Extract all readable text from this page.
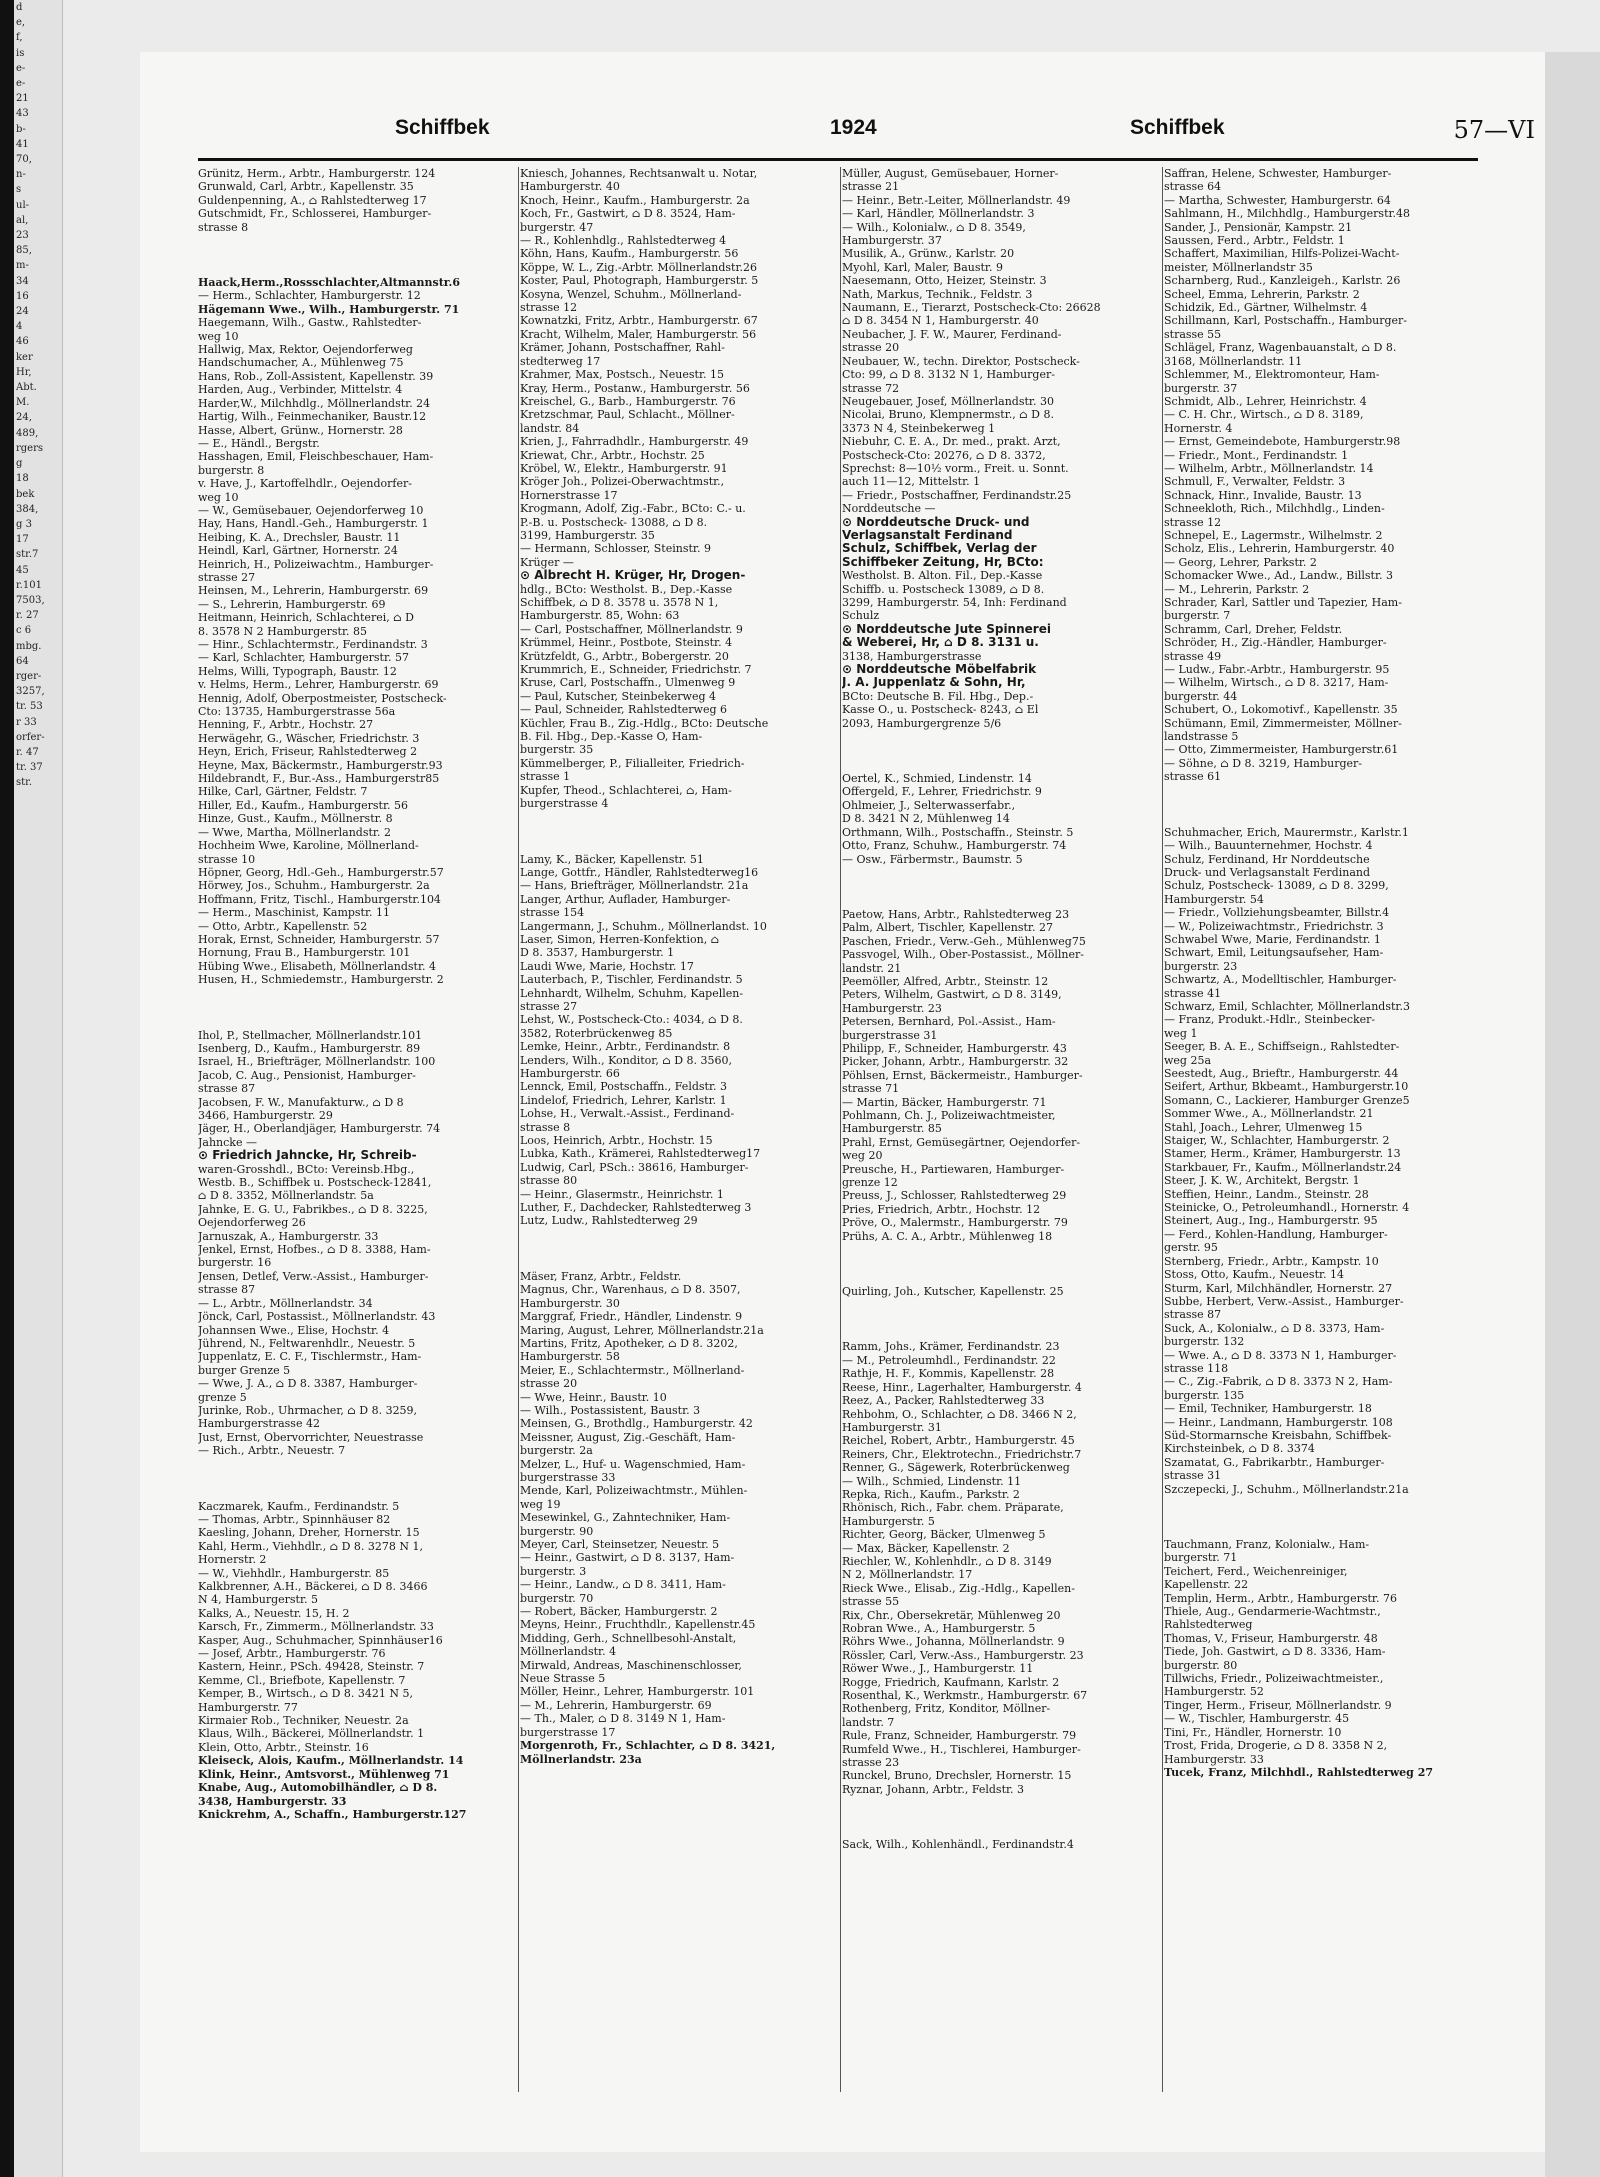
d
e,
f,
is
e-
e-
21
43
b-
41
70,
n-
s
ul-
al,
23
85,
m-
34
16
24
4
46
ker
Hr,
Abt.
M.
24,
489,
rgers
g
18
bek
384,
g 3
17
str.7
45
r.101
7503,
r. 27
c 6
mbg.
64
rger-
3257,
tr. 53
r 33
orfer-
r. 47
tr. 37
str.
Schiffbek	1924	Schiffbek	57—VI

Grünitz, Herm., Arbtr., Hamburgerstr. 124

Grunwald, Carl, Arbtr., Kapellenstr. 35

Guldenpenning, A., ⌂ Rahlstedterweg 17

Gutschmidt, Fr., Schlosserei, Hamburger-

strasse 8

Haack,Herm.,Rossschlachter,Altmannstr.6

— Herm., Schlachter, Hamburgerstr. 12

Hägemann Wwe., Wilh., Hamburgerstr. 71

Haegemann, Wilh., Gastw., Rahlstedter-

weg 10

Hallwig, Max, Rektor, Oejendorferweg

Handschumacher, A., Mühlenweg 75

Hans, Rob., Zoll-Assistent, Kapellenstr. 39

Harden, Aug., Verbinder, Mittelstr. 4

Harder,W., Milchhdlg., Möllnerlandstr. 24

Hartig, Wilh., Feinmechaniker, Baustr.12

Hasse, Albert, Grünw., Hornerstr. 28

— E., Händl., Bergstr.

Hasshagen, Emil, Fleischbeschauer, Ham-

burgerstr. 8

v. Have, J., Kartoffelhdlr., Oejendorfer-

weg 10

— W., Gemüsebauer, Oejendorferweg 10

Hay, Hans, Handl.-Geh., Hamburgerstr. 1

Heibing, K. A., Drechsler, Baustr. 11

Heindl, Karl, Gärtner, Hornerstr. 24

Heinrich, H., Polizeiwachtm., Hamburger-

strasse 27

Heinsen, M., Lehrerin, Hamburgerstr. 69

— S., Lehrerin, Hamburgerstr. 69

Heitmann, Heinrich, Schlachterei, ⌂ D

8. 3578 N 2 Hamburgerstr. 85

— Hinr., Schlachtermstr., Ferdinandstr. 3

— Karl, Schlachter, Hamburgerstr. 57

Helms, Willi, Typograph, Baustr. 12

v. Helms, Herm., Lehrer, Hamburgerstr. 69

Hennig, Adolf, Oberpostmeister, Postscheck-

Cto: 13735, Hamburgerstrasse 56a

Henning, F., Arbtr., Hochstr. 27

Herwägehr, G., Wäscher, Friedrichstr. 3

Heyn, Erich, Friseur, Rahlstedterweg 2

Heyne, Max, Bäckermstr., Hamburgerstr.93

Hildebrandt, F., Bur.-Ass., Hamburgerstr85

Hilke, Carl, Gärtner, Feldstr. 7

Hiller, Ed., Kaufm., Hamburgerstr. 56

Hinze, Gust., Kaufm., Möllnerstr. 8

— Wwe, Martha, Möllnerlandstr. 2

Hochheim Wwe, Karoline, Möllnerland-

strasse 10

Höpner, Georg, Hdl.-Geh., Hamburgerstr.57

Hörwey, Jos., Schuhm., Hamburgerstr. 2a

Hoffmann, Fritz, Tischl., Hamburgerstr.104

— Herm., Maschinist, Kampstr. 11

— Otto, Arbtr., Kapellenstr. 52

Horak, Ernst, Schneider, Hamburgerstr. 57

Hornung, Frau B., Hamburgerstr. 101

Hübing Wwe., Elisabeth, Möllnerlandstr. 4

Husen, H., Schmiedemstr., Hamburgerstr. 2

Ihol, P., Stellmacher, Möllnerlandstr.101

Isenberg, D., Kaufm., Hamburgerstr. 89

Israel, H., Briefträger, Möllnerlandstr. 100

Jacob, C. Aug., Pensionist, Hamburger-

strasse 87

Jacobsen, F. W., Manufakturw., ⌂ D 8

3466, Hamburgerstr. 29

Jäger, H., Oberlandjäger, Hamburgerstr. 74

Jahncke —

⊙ Friedrich Jahncke, Hr, Schreib-

waren-Grosshdl., BCto: Vereinsb.Hbg.,

Westb. B., Schiffbek u. Postscheck-12841,

⌂ D 8. 3352, Möllnerlandstr. 5a

Jahnke, E. G. U., Fabrikbes., ⌂ D 8. 3225,

Oejendorferweg 26

Jarnuszak, A., Hamburgerstr. 33

Jenkel, Ernst, Hofbes., ⌂ D 8. 3388, Ham-

burgerstr. 16

Jensen, Detlef, Verw.-Assist., Hamburger-

strasse 87

— L., Arbtr., Möllnerlandstr. 34

Jönck, Carl, Postassist., Möllnerlandstr. 43

Johannsen Wwe., Elise, Hochstr. 4

Jührend, N., Feltwarenhdlr., Neuestr. 5

Juppenlatz, E. C. F., Tischlermstr., Ham-

burger Grenze 5

— Wwe, J. A., ⌂ D 8. 3387, Hamburger-

grenze 5

Jurinke, Rob., Uhrmacher, ⌂ D 8. 3259,

Hamburgerstrasse 42

Just, Ernst, Obervorrichter, Neuestrasse

— Rich., Arbtr., Neuestr. 7

Kaczmarek, Kaufm., Ferdinandstr. 5

— Thomas, Arbtr., Spinnhäuser 82

Kaesling, Johann, Dreher, Hornerstr. 15

Kahl, Herm., Viehhdlr., ⌂ D 8. 3278 N 1,

Hornerstr. 2

— W., Viehhdlr., Hamburgerstr. 85

Kalkbrenner, A.H., Bäckerei, ⌂ D 8. 3466

N 4, Hamburgerstr. 5

Kalks, A., Neuestr. 15, H. 2

Karsch, Fr., Zimmerm., Möllnerlandstr. 33

Kasper, Aug., Schuhmacher, Spinnhäuser16

— Josef, Arbtr., Hamburgerstr. 76

Kastern, Heinr., PSch. 49428, Steinstr. 7

Kemme, Cl., Briefbote, Kapellenstr. 7

Kemper, B., Wirtsch., ⌂ D 8. 3421 N 5,

Hamburgerstr. 77

Kirmaier Rob., Techniker, Neuestr. 2a

Klaus, Wilh., Bäckerei, Möllnerlandstr. 1

Klein, Otto, Arbtr., Steinstr. 16

Kleiseck, Alois, Kaufm., Möllnerlandstr. 14

Klink, Heinr., Amtsvorst., Mühlenweg 71

Knabe, Aug., Automobilhändler, ⌂ D 8.

3438, Hamburgerstr. 33

Knickrehm, A., Schaffn., Hamburgerstr.127

Kniesch, Johannes, Rechtsanwalt u. Notar,

Hamburgerstr. 40

Knoch, Heinr., Kaufm., Hamburgerstr. 2a

Koch, Fr., Gastwirt, ⌂ D 8. 3524, Ham-

burgerstr. 47

— R., Kohlenhdlg., Rahlstedterweg 4

Köhn, Hans, Kaufm., Hamburgerstr. 56

Köppe, W. L., Zig.-Arbtr. Möllnerlandstr.26

Koster, Paul, Photograph, Hamburgerstr. 5

Kosyna, Wenzel, Schuhm., Möllnerland-

strasse 12

Kownatzki, Fritz, Arbtr., Hamburgerstr. 67

Kracht, Wilhelm, Maler, Hamburgerstr. 56

Krämer, Johann, Postschaffner, Rahl-

stedterweg 17

Krahmer, Max, Postsch., Neuestr. 15

Kray, Herm., Postanw., Hamburgerstr. 56

Kreischel, G., Barb., Hamburgerstr. 76

Kretzschmar, Paul, Schlacht., Möllner-

landstr. 84

Krien, J., Fahrradhdlr., Hamburgerstr. 49

Kriewat, Chr., Arbtr., Hochstr. 25

Kröbel, W., Elektr., Hamburgerstr. 91

Kröger Joh., Polizei-Oberwachtmstr.,

Hornerstrasse 17

Krogmann, Adolf, Zig.-Fabr., BCto: C.- u.

P.-B. u. Postscheck- 13088, ⌂ D 8.

3199, Hamburgerstr. 35

— Hermann, Schlosser, Steinstr. 9

Krüger —

⊙ Albrecht H. Krüger, Hr, Drogen-

hdlg., BCto: Westholst. B., Dep.-Kasse

Schiffbek, ⌂ D 8. 3578 u. 3578 N 1,

Hamburgerstr. 85, Wohn: 63

— Carl, Postschaffner, Möllnerlandstr. 9

Krümmel, Heinr., Postbote, Steinstr. 4

Krützfeldt, G., Arbtr., Bobergerstr. 20

Krummrich, E., Schneider, Friedrichstr. 7

Kruse, Carl, Postschaffn., Ulmenweg 9

— Paul, Kutscher, Steinbekerweg 4

— Paul, Schneider, Rahlstedterweg 6

Küchler, Frau B., Zig.-Hdlg., BCto: Deutsche

B. Fil. Hbg., Dep.-Kasse O, Ham-

burgerstr. 35

Kümmelberger, P., Filialleiter, Friedrich-

strasse 1

Kupfer, Theod., Schlachterei, ⌂, Ham-

burgerstrasse 4

Lamy, K., Bäcker, Kapellenstr. 51

Lange, Gottfr., Händler, Rahlstedterweg16

— Hans, Briefträger, Möllnerlandstr. 21a

Langer, Arthur, Auflader, Hamburger-

strasse 154

Langermann, J., Schuhm., Möllnerlandst. 10

Laser, Simon, Herren-Konfektion, ⌂

D 8. 3537, Hamburgerstr. 1

Laudi Wwe, Marie, Hochstr. 17

Lauterbach, P., Tischler, Ferdinandstr. 5

Lehnhardt, Wilhelm, Schuhm, Kapellen-

strasse 27

Lehst, W., Postscheck-Cto.: 4034, ⌂ D 8.

3582, Roterbrückenweg 85

Lemke, Heinr., Arbtr., Ferdinandstr. 8

Lenders, Wilh., Konditor, ⌂ D 8. 3560,

Hamburgerstr. 66

Lennck, Emil, Postschaffn., Feldstr. 3

Lindelof, Friedrich, Lehrer, Karlstr. 1

Lohse, H., Verwalt.-Assist., Ferdinand-

strasse 8

Loos, Heinrich, Arbtr., Hochstr. 15

Lubka, Kath., Krämerei, Rahlstedterweg17

Ludwig, Carl, PSch.: 38616, Hamburger-

strasse 80

— Heinr., Glasermstr., Heinrichstr. 1

Luther, F., Dachdecker, Rahlstedterweg 3

Lutz, Ludw., Rahlstedterweg 29

Mäser, Franz, Arbtr., Feldstr.

Magnus, Chr., Warenhaus, ⌂ D 8. 3507,

Hamburgerstr. 30

Marggraf, Friedr., Händler, Lindenstr. 9

Maring, August, Lehrer, Möllnerlandstr.21a

Martins, Fritz, Apotheker, ⌂ D 8. 3202,

Hamburgerstr. 58

Meier, E., Schlachtermstr., Möllnerland-

strasse 20

— Wwe, Heinr., Baustr. 10

— Wilh., Postassistent, Baustr. 3

Meinsen, G., Brothdlg., Hamburgerstr. 42

Meissner, August, Zig.-Geschäft, Ham-

burgerstr. 2a

Melzer, L., Huf- u. Wagenschmied, Ham-

burgerstrasse 33

Mende, Karl, Polizeiwachtmstr., Mühlen-

weg 19

Mesewinkel, G., Zahntechniker, Ham-

burgerstr. 90

Meyer, Carl, Steinsetzer, Neuestr. 5

— Heinr., Gastwirt, ⌂ D 8. 3137, Ham-

burgerstr. 3

— Heinr., Landw., ⌂ D 8. 3411, Ham-

burgerstr. 70

— Robert, Bäcker, Hamburgerstr. 2

Meyns, Heinr., Fruchthdlr., Kapellenstr.45

Midding, Gerh., Schnellbesohl-Anstalt,

Möllnerlandstr. 4

Mirwald, Andreas, Maschinenschlosser,

Neue Strasse 5

Möller, Heinr., Lehrer, Hamburgerstr. 101

— M., Lehrerin, Hamburgerstr. 69

— Th., Maler, ⌂ D 8. 3149 N 1, Ham-

burgerstrasse 17

Morgenroth, Fr., Schlachter, ⌂ D 8. 3421,

Möllnerlandstr. 23a

Müller, August, Gemüsebauer, Horner-

strasse 21

— Heinr., Betr.-Leiter, Möllnerlandstr. 49

— Karl, Händler, Möllnerlandstr. 3

— Wilh., Kolonialw., ⌂ D 8. 3549,

Hamburgerstr. 37

Musilik, A., Grünw., Karlstr. 20

Myohl, Karl, Maler, Baustr. 9

Naesemann, Otto, Heizer, Steinstr. 3

Nath, Markus, Technik., Feldstr. 3

Naumann, E., Tierarzt, Postscheck-Cto: 26628

⌂ D 8. 3454 N 1, Hamburgerstr. 40

Neubacher, J. F. W., Maurer, Ferdinand-

strasse 20

Neubauer, W., techn. Direktor, Postscheck-

Cto: 99, ⌂ D 8. 3132 N 1, Hamburger-

strasse 72

Neugebauer, Josef, Möllnerlandstr. 30

Nicolai, Bruno, Klempnermstr., ⌂ D 8.

3373 N 4, Steinbekerweg 1

Niebuhr, C. E. A., Dr. med., prakt. Arzt,

Postscheck-Cto: 20276, ⌂ D 8. 3372,

Sprechst: 8—10½ vorm., Freit. u. Sonnt.

auch 11—12, Mittelstr. 1

— Friedr., Postschaffner, Ferdinandstr.25

Norddeutsche —

⊙ Norddeutsche Druck- und

Verlagsanstalt Ferdinand

Schulz, Schiffbek, Verlag der

Schiffbeker Zeitung, Hr, BCto:

Westholst. B. Alton. Fil., Dep.-Kasse

Schiffb. u. Postscheck 13089, ⌂ D 8.

3299, Hamburgerstr. 54, Inh: Ferdinand

Schulz

⊙ Norddeutsche Jute Spinnerei

& Weberei, Hr, ⌂ D 8. 3131 u.

3138, Hamburgerstrasse

⊙ Norddeutsche Möbelfabrik

J. A. Juppenlatz & Sohn, Hr,

BCto: Deutsche B. Fil. Hbg., Dep.-

Kasse O., u. Postscheck- 8243, ⌂ El

2093, Hamburgergrenze 5/6

Oertel, K., Schmied, Lindenstr. 14

Offergeld, F., Lehrer, Friedrichstr. 9

Ohlmeier, J., Selterwasserfabr.,

D 8. 3421 N 2, Mühlenweg 14

Orthmann, Wilh., Postschaffn., Steinstr. 5

Otto, Franz, Schuhw., Hamburgerstr. 74

— Osw., Färbermstr., Baumstr. 5

Paetow, Hans, Arbtr., Rahlstedterweg 23

Palm, Albert, Tischler, Kapellenstr. 27

Paschen, Friedr., Verw.-Geh., Mühlenweg75

Passvogel, Wilh., Ober-Postassist., Möllner-

landstr. 21

Peemöller, Alfred, Arbtr., Steinstr. 12

Peters, Wilhelm, Gastwirt, ⌂ D 8. 3149,

Hamburgerstr. 23

Petersen, Bernhard, Pol.-Assist., Ham-

burgerstrasse 31

Philipp, F., Schneider, Hamburgerstr. 43

Picker, Johann, Arbtr., Hamburgerstr. 32

Pöhlsen, Ernst, Bäckermeistr., Hamburger-

strasse 71

— Martin, Bäcker, Hamburgerstr. 71

Pohlmann, Ch. J., Polizeiwachtmeister,

Hamburgerstr. 85

Prahl, Ernst, Gemüsegärtner, Oejendorfer-

weg 20

Preusche, H., Partiewaren, Hamburger-

grenze 12

Preuss, J., Schlosser, Rahlstedterweg 29

Pries, Friedrich, Arbtr., Hochstr. 12

Pröve, O., Malermstr., Hamburgerstr. 79

Prühs, A. C. A., Arbtr., Mühlenweg 18

Quirling, Joh., Kutscher, Kapellenstr. 25

Ramm, Johs., Krämer, Ferdinandstr. 23

— M., Petroleumhdl., Ferdinandstr. 22

Rathje, H. F., Kommis, Kapellenstr. 28

Reese, Hinr., Lagerhalter, Hamburgerstr. 4

Reez, A., Packer, Rahlstedterweg 33

Rehbohm, O., Schlachter, ⌂ D8. 3466 N 2,

Hamburgerstr. 31

Reichel, Robert, Arbtr., Hamburgerstr. 45

Reiners, Chr., Elektrotechn., Friedrichstr.7

Renner, G., Sägewerk, Roterbrückenweg

— Wilh., Schmied, Lindenstr. 11

Repka, Rich., Kaufm., Parkstr. 2

Rhönisch, Rich., Fabr. chem. Präparate,

Hamburgerstr. 5

Richter, Georg, Bäcker, Ulmenweg 5

— Max, Bäcker, Kapellenstr. 2

Riechler, W., Kohlenhdlr., ⌂ D 8. 3149

N 2, Möllnerlandstr. 17

Rieck Wwe., Elisab., Zig.-Hdlg., Kapellen-

strasse 55

Rix, Chr., Obersekretär, Mühlenweg 20

Robran Wwe., A., Hamburgerstr. 5

Röhrs Wwe., Johanna, Möllnerlandstr. 9

Rössler, Carl, Verw.-Ass., Hamburgerstr. 23

Röwer Wwe., J., Hamburgerstr. 11

Rogge, Friedrich, Kaufmann, Karlstr. 2

Rosenthal, K., Werkmstr., Hamburgerstr. 67

Rothenberg, Fritz, Konditor, Möllner-

landstr. 7

Rule, Franz, Schneider, Hamburgerstr. 79

Rumfeld Wwe., H., Tischlerei, Hamburger-

strasse 23

Runckel, Bruno, Drechsler, Hornerstr. 15

Ryznar, Johann, Arbtr., Feldstr. 3

Sack, Wilh., Kohlenhändl., Ferdinandstr.4

Saffran, Helene, Schwester, Hamburger-

strasse 64

— Martha, Schwester, Hamburgerstr. 64

Sahlmann, H., Milchhdlg., Hamburgerstr.48

Sander, J., Pensionär, Kampstr. 21

Saussen, Ferd., Arbtr., Feldstr. 1

Schaffert, Maximilian, Hilfs-Polizei-Wacht-

meister, Möllnerlandstr 35

Scharnberg, Rud., Kanzleigeh., Karlstr. 26

Scheel, Emma, Lehrerin, Parkstr. 2

Schidzik, Ed., Gärtner, Wilhelmstr. 4

Schillmann, Karl, Postschaffn., Hamburger-

strasse 55

Schlägel, Franz, Wagenbauanstalt, ⌂ D 8.

3168, Möllnerlandstr. 11

Schlemmer, M., Elektromonteur, Ham-

burgerstr. 37

Schmidt, Alb., Lehrer, Heinrichstr. 4

— C. H. Chr., Wirtsch., ⌂ D 8. 3189,

Hornerstr. 4

— Ernst, Gemeindebote, Hamburgerstr.98

— Friedr., Mont., Ferdinandstr. 1

— Wilhelm, Arbtr., Möllnerlandstr. 14

Schmull, F., Verwalter, Feldstr. 3

Schnack, Hinr., Invalide, Baustr. 13

Schneekloth, Rich., Milchhdlg., Linden-

strasse 12

Schnepel, E., Lagermstr., Wilhelmstr. 2

Scholz, Elis., Lehrerin, Hamburgerstr. 40

— Georg, Lehrer, Parkstr. 2

Schomacker Wwe., Ad., Landw., Billstr. 3

— M., Lehrerin, Parkstr. 2

Schrader, Karl, Sattler und Tapezier, Ham-

burgerstr. 7

Schramm, Carl, Dreher, Feldstr.

Schröder, H., Zig.-Händler, Hamburger-

strasse 49

— Ludw., Fabr.-Arbtr., Hamburgerstr. 95

— Wilhelm, Wirtsch., ⌂ D 8. 3217, Ham-

burgerstr. 44

Schubert, O., Lokomotivf., Kapellenstr. 35

Schümann, Emil, Zimmermeister, Möllner-

landstrasse 5

— Otto, Zimmermeister, Hamburgerstr.61

— Söhne, ⌂ D 8. 3219, Hamburger-

strasse 61

Schuhmacher, Erich, Maurermstr., Karlstr.1

— Wilh., Bauunternehmer, Hochstr. 4

Schulz, Ferdinand, Hr Norddeutsche

Druck- und Verlagsanstalt Ferdinand

Schulz, Postscheck- 13089, ⌂ D 8. 3299,

Hamburgerstr. 54

— Friedr., Vollziehungsbeamter, Billstr.4

— W., Polizeiwachtmstr., Friedrichstr. 3

Schwabel Wwe, Marie, Ferdinandstr. 1

Schwart, Emil, Leitungsaufseher, Ham-

burgerstr. 23

Schwartz, A., Modelltischler, Hamburger-

strasse 41

Schwarz, Emil, Schlachter, Möllnerlandstr.3

— Franz, Produkt.-Hdlr., Steinbecker-

weg 1

Seeger, B. A. E., Schiffseign., Rahlstedter-

weg 25a

Seestedt, Aug., Brieftr., Hamburgerstr. 44

Seifert, Arthur, Bkbeamt., Hamburgerstr.10

Somann, C., Lackierer, Hamburger Grenze5

Sommer Wwe., A., Möllnerlandstr. 21

Stahl, Joach., Lehrer, Ulmenweg 15

Staiger, W., Schlachter, Hamburgerstr. 2

Stamer, Herm., Krämer, Hamburgerstr. 13

Starkbauer, Fr., Kaufm., Möllnerlandstr.24

Steer, J. K. W., Architekt, Bergstr. 1

Steffien, Heinr., Landm., Steinstr. 28

Steinicke, O., Petroleumhandl., Hornerstr. 4

Steinert, Aug., Ing., Hamburgerstr. 95

— Ferd., Kohlen-Handlung, Hamburger-

gerstr. 95

Sternberg, Friedr., Arbtr., Kampstr. 10

Stoss, Otto, Kaufm., Neuestr. 14

Sturm, Karl, Milchhändler, Hornerstr. 27

Subbe, Herbert, Verw.-Assist., Hamburger-

strasse 87

Suck, A., Kolonialw., ⌂ D 8. 3373, Ham-

burgerstr. 132

— Wwe. A., ⌂ D 8. 3373 N 1, Hamburger-

strasse 118

— C., Zig.-Fabrik, ⌂ D 8. 3373 N 2, Ham-

burgerstr. 135

— Emil, Techniker, Hamburgerstr. 18

— Heinr., Landmann, Hamburgerstr. 108

Süd-Stormarnsche Kreisbahn, Schiffbek-

Kirchsteinbek, ⌂ D 8. 3374

Szamatat, G., Fabrikarbtr., Hamburger-

strasse 31

Szczepecki, J., Schuhm., Möllnerlandstr.21a

Tauchmann, Franz, Kolonialw., Ham-

burgerstr. 71

Teichert, Ferd., Weichenreiniger,

Kapellenstr. 22

Templin, Herm., Arbtr., Hamburgerstr. 76

Thiele, Aug., Gendarmerie-Wachtmstr.,

Rahlstedterweg

Thomas, V., Friseur, Hamburgerstr. 48

Tiede, Joh. Gastwirt, ⌂ D 8. 3336, Ham-

burgerstr. 80

Tillwichs, Friedr., Polizeiwachtmeister.,

Hamburgerstr. 52

Tinger, Herm., Friseur, Möllnerlandstr. 9

— W., Tischler, Hamburgerstr. 45

Tini, Fr., Händler, Hornerstr. 10

Trost, Frida, Drogerie, ⌂ D 8. 3358 N 2,

Hamburgerstr. 33

Tucek, Franz, Milchhdl., Rahlstedterweg 27
